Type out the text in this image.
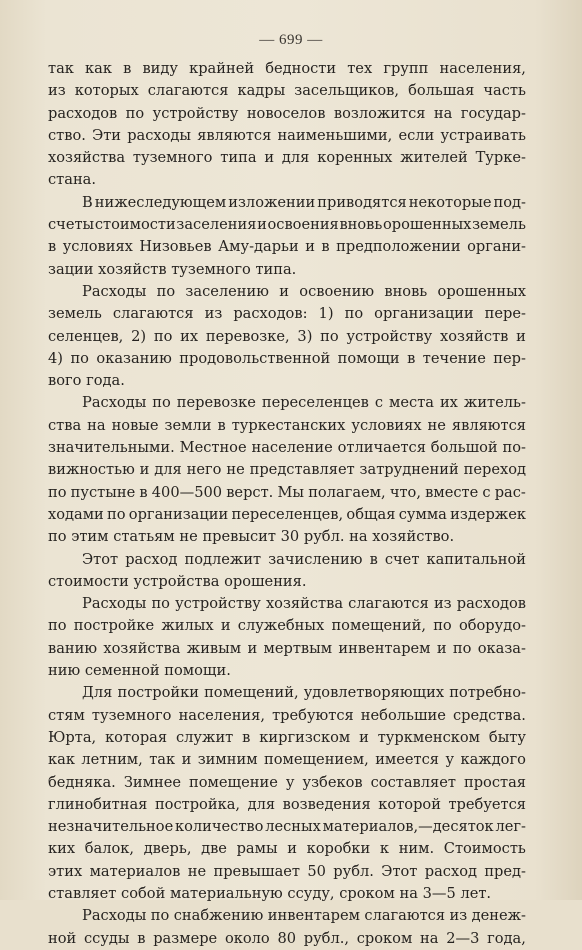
— 699 —
так как в виду крайней бедности тех групп населения,
из которых слагаются кадры засельщиков, большая часть
расходов по устройству новоселов возложится на государ-
ство. Эти расходы являются наименьшими, если устраивать
хозяйства туземного типа и для коренных жителей Турке-
стана.
В нижеследующем изложении приводятся некоторые под-
счеты стоимости заселения и освоения вновь орошенных земель
в условиях Низовьев Аму-дарьи и в предположении органи-
зации хозяйств туземного типа.
Расходы по заселению и освоению вновь орошенных
земель слагаются из расходов: 1) по организации пере-
селенцев, 2) по их перевозке, 3) по устройству хозяйств и
4) по оказанию продовольственной помощи в течение пер-
вого года.
Расходы по перевозке переселенцев с места их житель-
ства на новые земли в туркестанских условиях не являются
значительными. Местное население отличается большой по-
вижностью и для него не представляет затруднений переход
по пустыне в 400—500 верст. Мы полагаем, что, вместе с рас-
ходами по организации переселенцев, общая сумма издержек
по этим статьям не превысит 30 рубл. на хозяйство.
Этот расход подлежит зачислению в счет капитальной
стоимости устройства орошения.
Расходы по устройству хозяйства слагаются из расходов
по постройке жилых и служебных помещений, по оборудо-
ванию хозяйства живым и мертвым инвентарем и по оказа-
нию семенной помощи.
Для постройки помещений, удовлетворяющих потребно-
стям туземного населения, требуются небольшие средства.
Юрта, которая служит в киргизском и туркменском быту
как летним, так и зимним помещением, имеется у каждого
бедняка. Зимнее помещение у узбеков составляет простая
глинобитная постройка, для возведения которой требуется
незначительное количество лесных материалов,—десяток лег-
ких балок, дверь, две рамы и коробки к ним. Стоимость
этих материалов не превышает 50 рубл. Этот расход пред-
ставляет собой материальную ссуду, сроком на 3—5 лет.
Расходы по снабжению инвентарем слагаются из денеж-
ной ссуды в размере около 80 рубл., сроком на 2—3 года,
